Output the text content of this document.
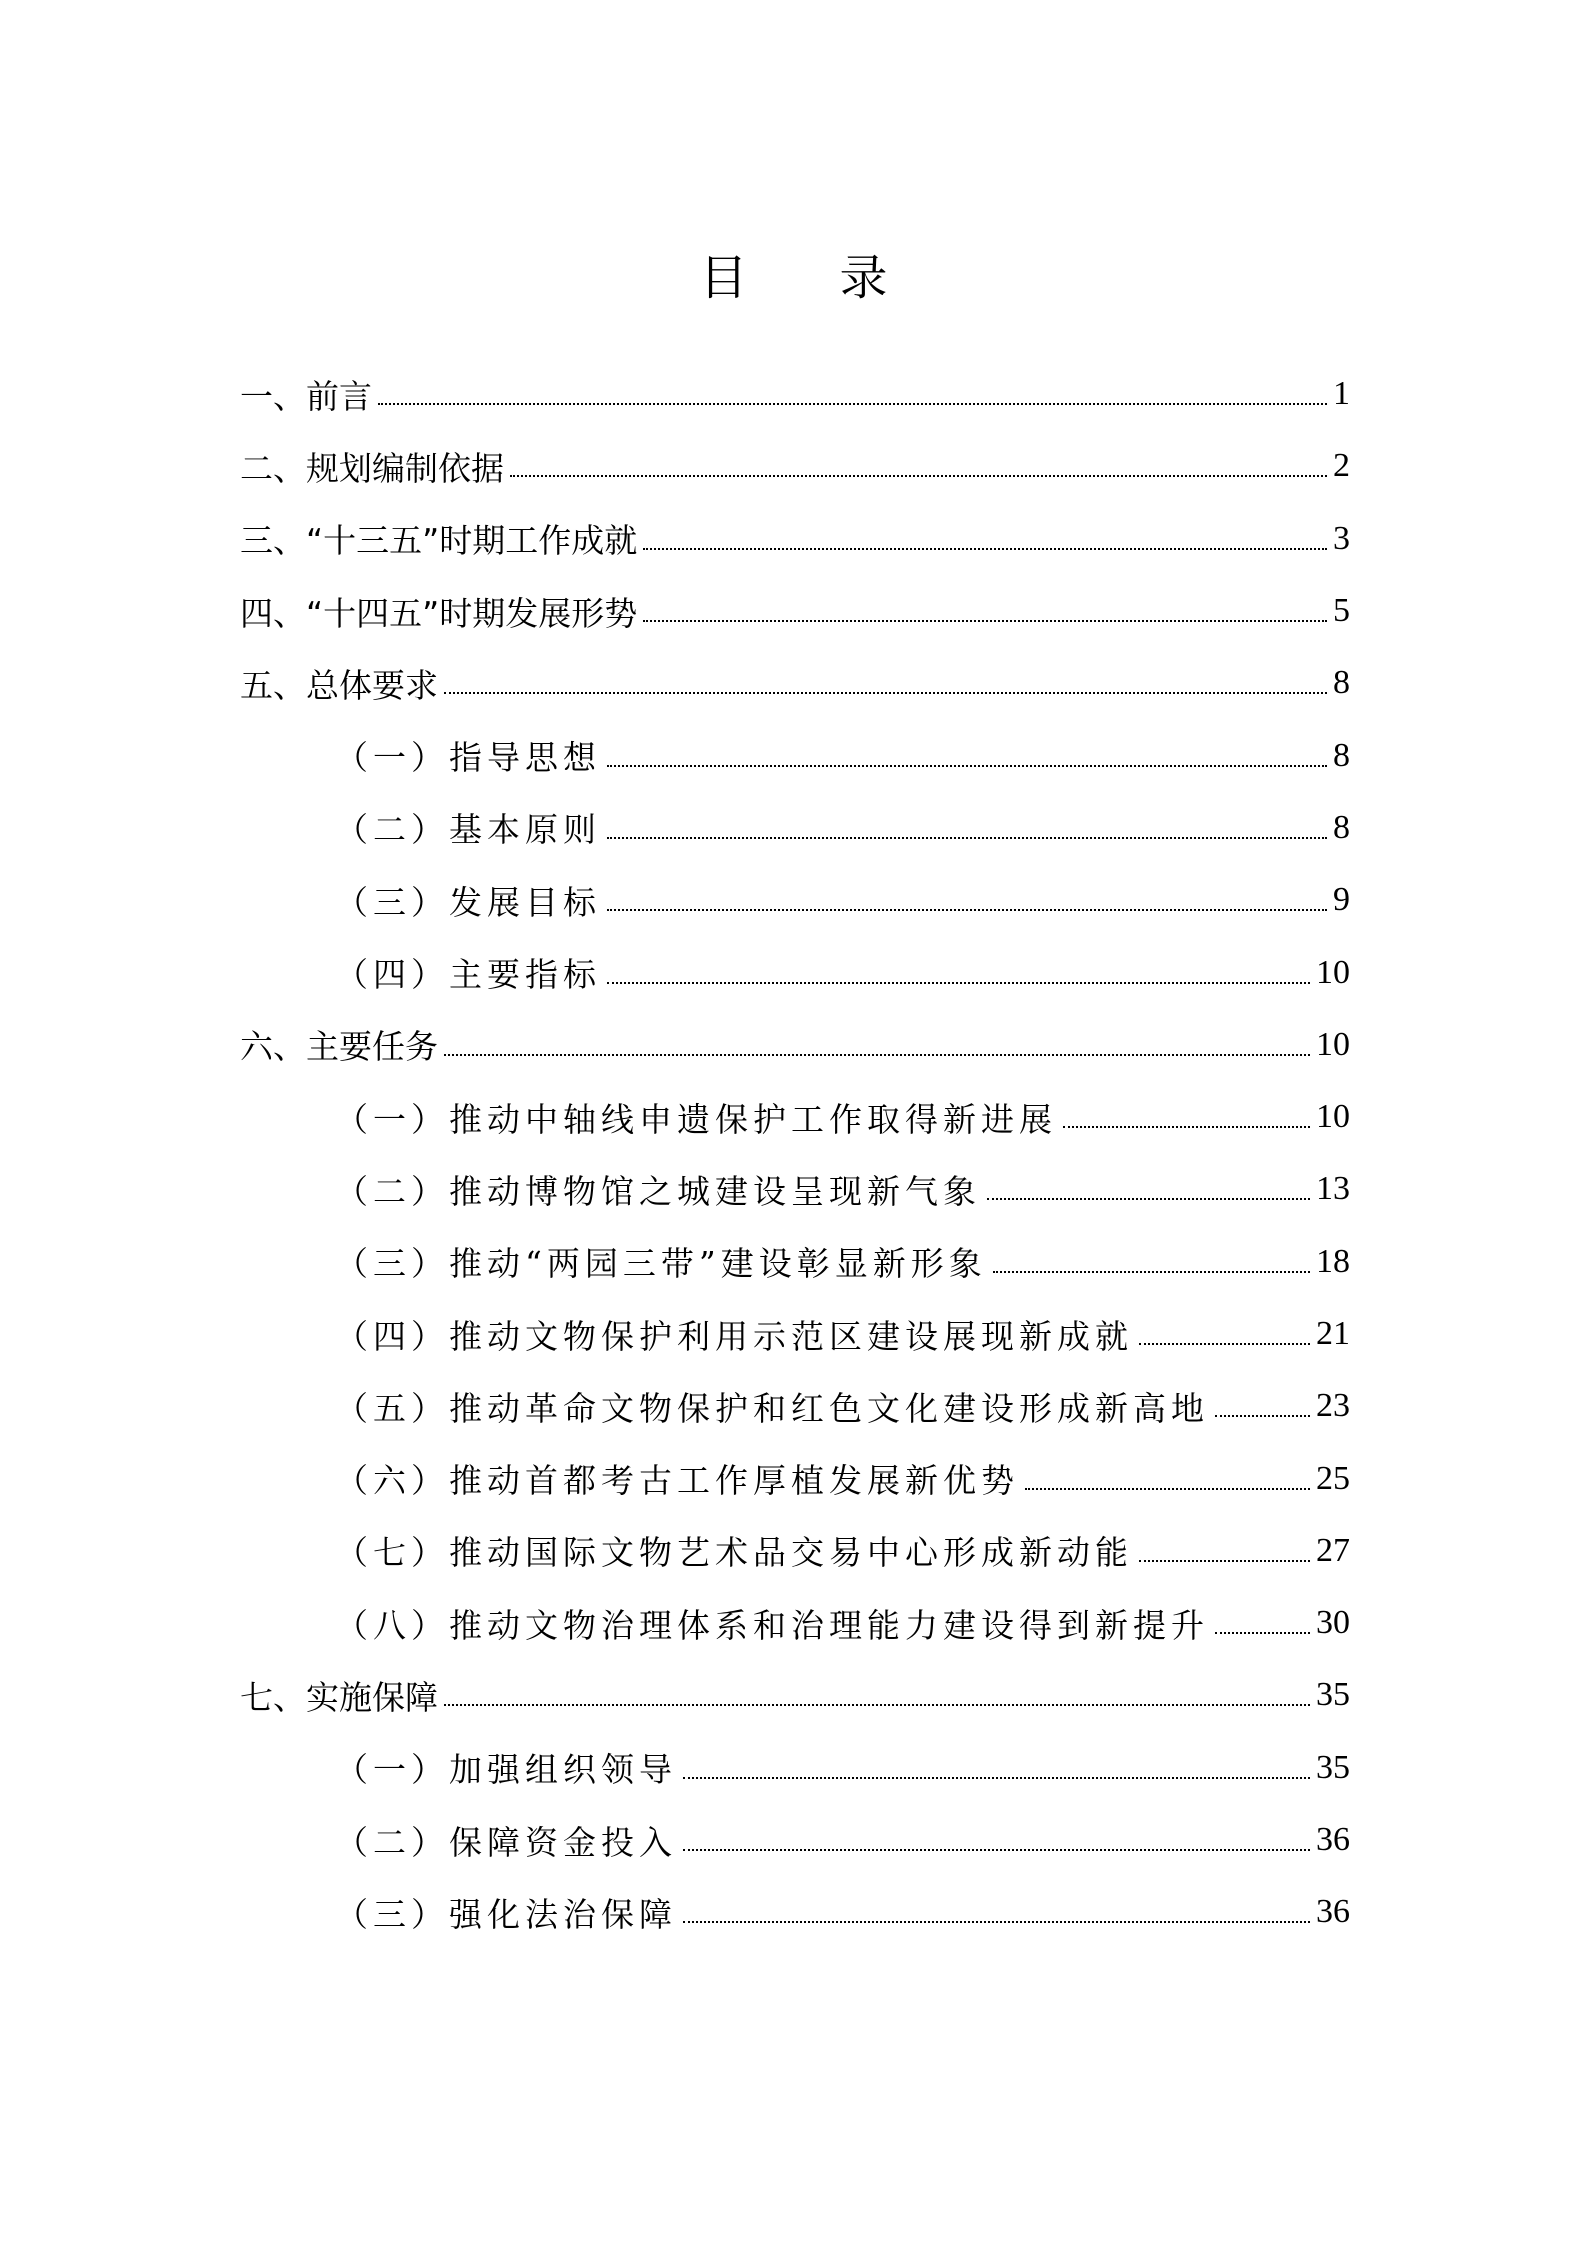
目 录
一、前言	1
二、规划编制依据	2
三、“十三五”时期工作成就	3
四、“十四五”时期发展形势	5
五、总体要求	8
（一）指导思想	8
（二）基本原则	8
（三）发展目标	9
（四）主要指标	10
六、主要任务	10
（一）推动中轴线申遗保护工作取得新进展	10
（二）推动博物馆之城建设呈现新气象	13
（三）推动“两园三带”建设彰显新形象	18
（四）推动文物保护利用示范区建设展现新成就	21
（五）推动革命文物保护和红色文化建设形成新高地	23
（六）推动首都考古工作厚植发展新优势	25
（七）推动国际文物艺术品交易中心形成新动能	27
（八）推动文物治理体系和治理能力建设得到新提升	30
七、实施保障	35
（一）加强组织领导	35
（二）保障资金投入	36
（三）强化法治保障	36
